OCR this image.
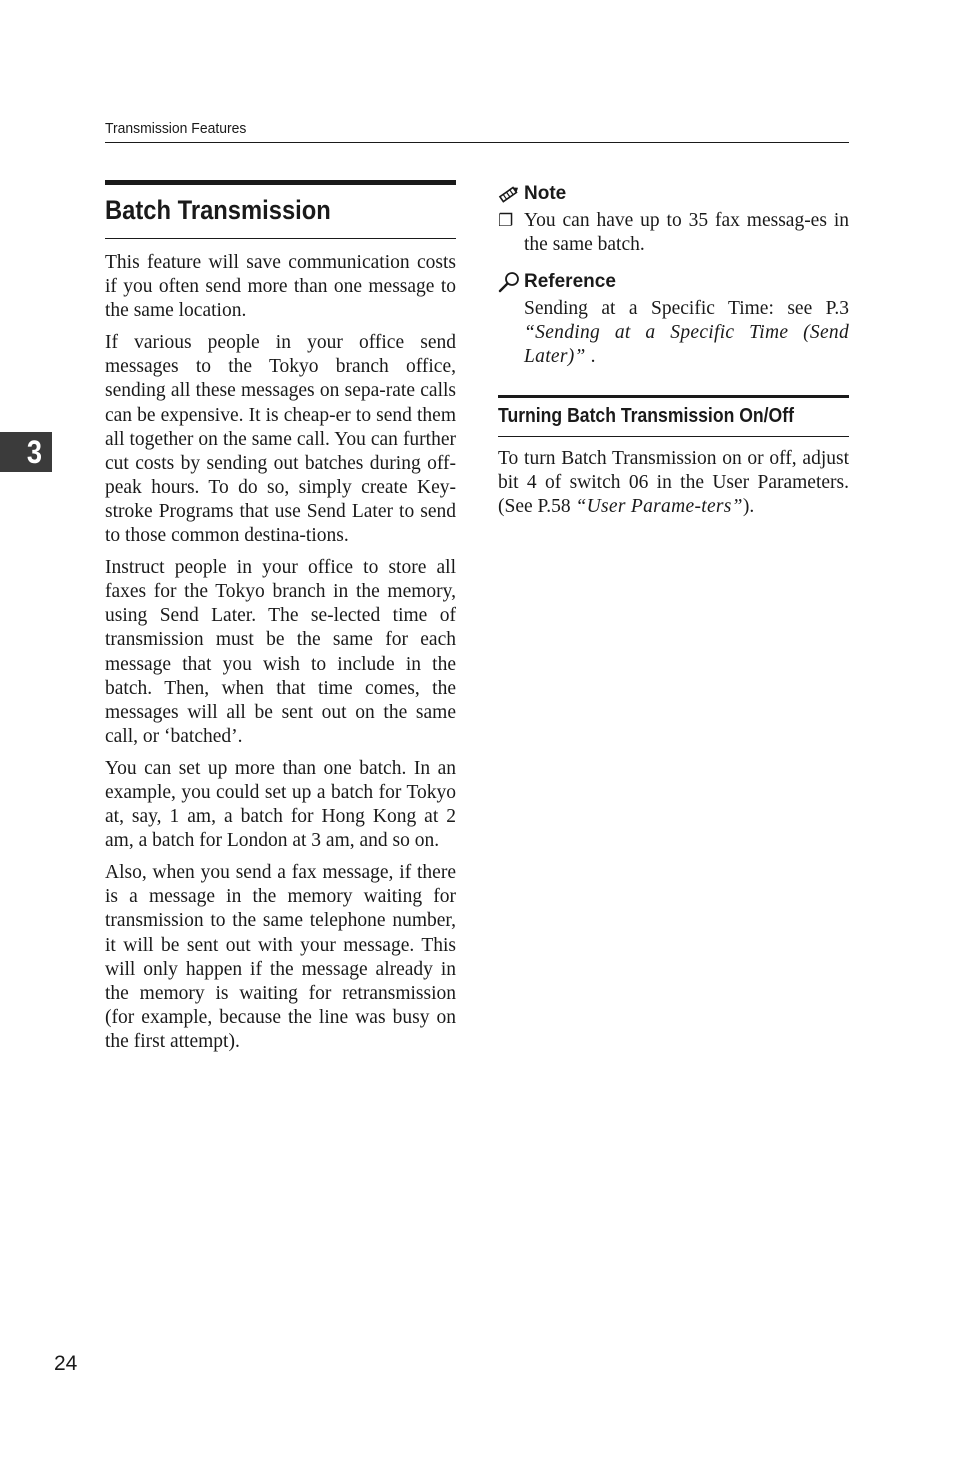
Transmission Features
3
Batch Transmission

This feature will save communication costs if you often send more than one message to the same location.

If various people in your office send messages to the Tokyo branch office, sending all these messages on sepa-rate calls can be expensive. It is cheap-er to send them all together on the same call. You can further cut costs by sending out batches during off-peak hours. To do so, simply create Key-stroke Programs that use Send Later to send to those common destina-tions.

Instruct people in your office to store all faxes for the Tokyo branch in the memory, using Send Later. The se-lected time of transmission must be the same for each message that you wish to include in the batch. Then, when that time comes, the messages will all be sent out on the same call, or ‘batched’.

You can set up more than one batch. In an example, you could set up a batch for Tokyo at, say, 1 am, a batch for Hong Kong at 2 am, a batch for London at 3 am, and so on.

Also, when you send a fax message, if there is a message in the memory waiting for transmission to the same telephone number, it will be sent out with your message. This will only happen if the message already in the memory is waiting for retransmission (for example, because the line was busy on the first attempt).

Note
❐ You can have up to 35 fax messag-es in the same batch.
Reference
Sending at a Specific Time: see P.3 “Sending at a Specific Time (Send Later)” .
Turning Batch Transmission On/Off

To turn Batch Transmission on or off, adjust bit 4 of switch 06 in the User Parameters. (See P.58 “User Parame-ters”).

24
